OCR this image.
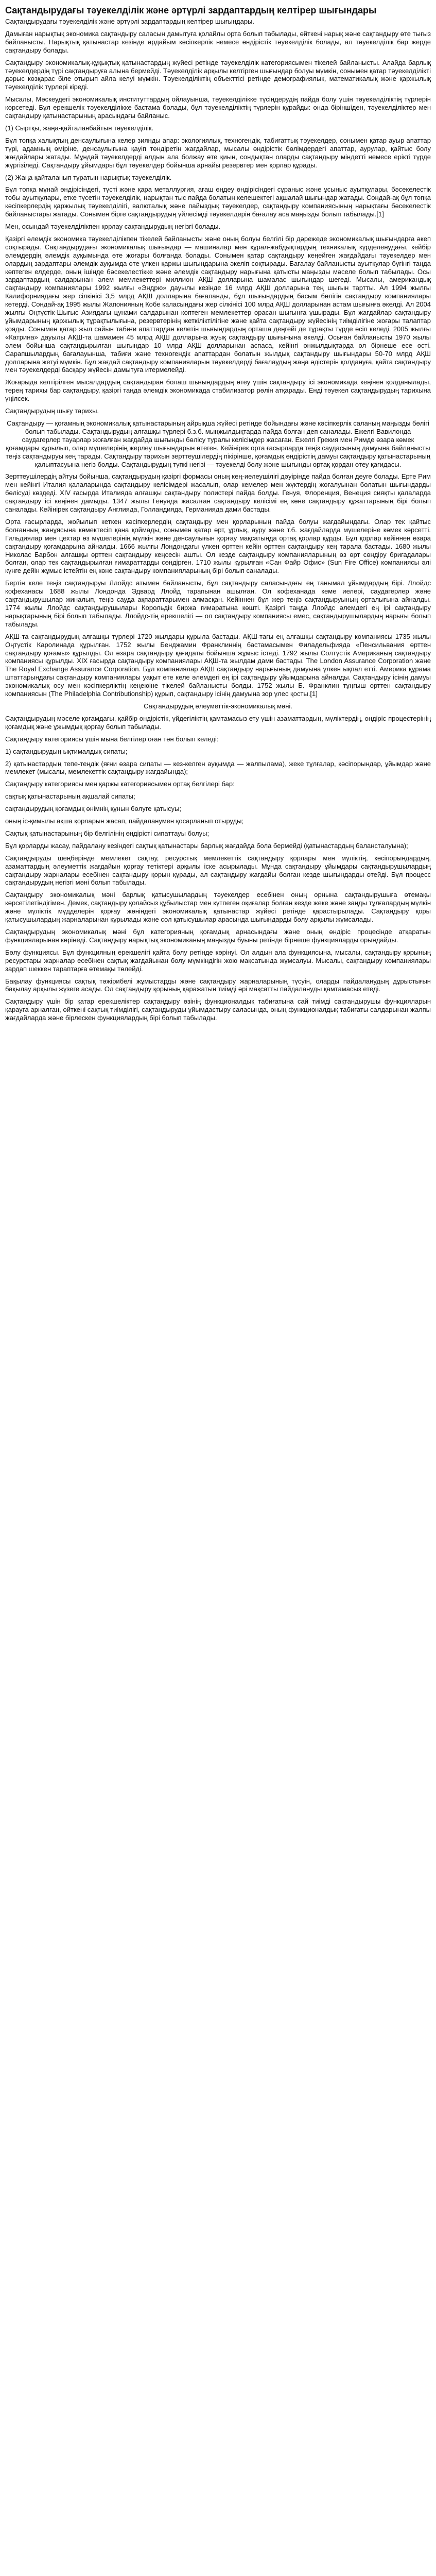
Сақтандырудағы тәуекелділік және әртүрлі зардаптардың келтірер шығындары

Сақтандырудағы тәуекелділік және әртүрлі зардаптардың келтірер шығындары.

Дамыған нарықтық экономика сақтандыру саласын дамытуға қолайлы орта болып табылады, өйткені нарық және сақтандыру өте тығыз байланысты. Нарықтық қатынастар кезінде әрдайым кәсіпкерлік немесе өндірістік тәуекелділік болады, ал тәуекелділік бар жерде сақтандыру болады.

Сақтандыру экономикалық-құқықтық қатынастардың жүйесі ретінде тәуекелділік категориясымен тікелей байланысты. Алайда барлық тәуекелдердің түрі сақтандыруға алына бермейді. Тәуекелділік арқылы келтірген шығындар болуы мүмкін, сонымен қатар тәуекелділікті дәрыс көзқарас біле отырып айла келуі мүмкін. Тәуекелділіктің объекттісі ретінде демографиялық, математикалық және қаржылық тәуекелділік түрлері кіреді.

Мысалы, Мәскеудегі экономикалық институттардың ойлауынша, тәуекелділікке түсіндерудің пайда болу үшін тәуекелділіктің түрлерін көрсетеді. Бұл ерекшелік тәуекелділікке бастама болады, бұл тәуекелділіктің түрлерін құрайды: онда біріншіден, тәуекелділіктер мен сақтандыру қатынастарының арасындағы байланыс.

(1) Сыртқы, жаңа-қайталанбайтын тәуекелділік.

Бұл топқа халықтың денсаулығына келер зиянды апар: экологиялық, техногендік, табиғаттық тәуекелдер, сонымен қатар ауыр апаттар түрі, адамның өміріне, денсаулығына қауіп төндіретін жағдайлар, мысалы өндірістік бөлімдердегі апаттар, аурулар, қайтыс болу жағдайлары жатады. Мұндай тәуекелдерді алдын ала болжау өте қиын, сондықтан оларды сақтандыру міндетті немесе ерікті түрде жүргізіледі. Сақтандыру ұйымдары бұл тәуекелдер бойынша арнайы резервтер мен қорлар құрады.

(2) Жаңа қайталанып тұратын нарықтық тәуекелділік.

Бұл топқа мұнай өндірісіндегі, түсті және қара металлургия, ағаш өңдеу өндірісіндегі сұраныс және ұсыныс ауытқулары, бәсекелестік тобы ауытқулары, етке түсетін тәуекелділік, нарықтан тыс пайда болатын келешектегі ақшалай шығындар жатады. Сондай-ақ бұл топқа кәсіпкерлердің қаржылық тәуекелділігі, валюталық және пайыздық тәуекелдер, сақтандыру компаниясының нарықтағы бәсекелестік байланыстары жатады. Сонымен бірге сақтандырудың үйлесімді тәуекелдерін бағалау аса маңызды болып табылады.[1]

Мен, осындай тәуекелділікпен қорлау сақтандырудың негізгі болады.

Қазіргі әлемдік экономика тәуекелділікпен тікелей байланысты және оның болуы белгілі бір дәрежеде экономикалық шығындарға әкеп соқтырады. Сақтандырудағы экономикалық шығындар — машиналар мен құрал-жабдықтардың техникалық күрделенудағы, кейбір әлемдердің әлемдік ауқымында өте жоғары болғанда болады. Сонымен қатар сақтандыру кеңейген жағдайдағы тәуекелдер мен олардың зардаптары әлемдік ауқымда өте үлкен қаржы шығындарына әкеліп соқтырады. Бағалау байланысты ауытқулар бүгінгі таңда көптеген елдерде, оның ішінде бәсекелестікке және әлемдік сақтандыру нарығына қатысты маңызды мәселе болып табылады. Осы зардаптардың салдарынан әлем мемлекеттері миллион АҚШ долларына шамалас шығындар шегеді. Мысалы, американдық сақтандыру компаниялары 1992 жылғы «Эндрю» дауылы кезінде 16 млрд АҚШ долларына тең шығын тартты. Ал 1994 жылғы Калифорниядағы жер сілкінісі 3,5 млрд АҚШ долларына бағаланды, бұл шығындардың басым бөлігін сақтандыру компаниялары көтерді. Сондай-ақ 1995 жылы Жапонияның Кобе қаласындағы жер сілкінісі 100 млрд АҚШ долларынан астам шығынға әкелді. Ал 2004 жылғы Оңтүстік-Шығыс Азиядағы цунами салдарынан көптеген мемлекеттер орасан шығынға ұшырады. Бұл жағдайлар сақтандыру ұйымдарының қаржылық тұрақтылығына, резервтерінің жеткіліктілігіне және қайта сақтандыру жүйесінің тиімділігіне жоғары талаптар қояды. Сонымен қатар жыл сайын табиғи апаттардан келетін шығындардың орташа деңгейі де тұрақты түрде өсіп келеді. 2005 жылғы «Катрина» дауылы АҚШ-та шамамен 45 млрд АҚШ долларына жуық сақтандыру шығынына әкелді. Осыған байланысты 1970 жылы әлем бойынша сақтандырылған шығындар 10 млрд АҚШ долларынан аспаса, кейінгі онжылдықтарда ол бірнеше есе өсті. Сарапшылардың бағалауынша, табиғи және техногендік апаттардан болатын жылдық сақтандыру шығындары 50-70 млрд АҚШ долларына жетуі мүмкін. Бұл жағдай сақтандыру компанияларын тәуекелдерді бағалаудың жаңа әдістерін қолдануға, қайта сақтандыру мен тәуекелдерді басқару жүйесін дамытуға итермелейді.

Жоғарыда келтірілген мысалдардың сақтандыран болаш шығындардың өтеу үшін сақтандыру ісі экономикада кеңінен қолданылады, терең тарихы бар сақтандыру, қазіргі таңда әлемдік экономикада стабилизатор рөлін атқарады. Енді тәуекел сақтандырудың тарихына үңілсек.

Сақтандырудың шығу тарихы.

Сақтандыру — қоғамның экономикалық қатынастарының айрықша жүйесі ретінде бойындағы және кәсіпкерлік саланың маңызды бөлігі болып табылады. Сақтандырудың алғашқы түрлері б.з.б. мыңжылдықтарда пайда болған деп саналады. Ежелгі Вавилонда саудагерлер тауарлар жоғалған жағдайда шығынды бөлісу туралы келісімдер жасаған. Ежелгі Грекия мен Римде өзара көмек қоғамдары құрылып, олар мүшелерінің жерлеу шығындарын өтеген. Кейінірек орта ғасырларда теңіз саудасының дамуына байланысты теңіз сақтандыруы кең тарады. Сақтандыру тарихын зерттеушілердің пікірінше, қоғамдық өндірістің дамуы сақтандыру қатынастарының қалыптасуына негіз болды. Сақтандырудың түпкі негізі — тәуекелді бөлу және шығынды ортақ қордан өтеу қағидасы.

Зерттеушілердің айтуы бойынша, сақтандырудың қазіргі формасы оның кең-иелеушілігі дәуірінде пайда болған деуге болады. Ерте Рим мен кейінгі Италия қалаларында сақтандыру келісімдері жасалып, олар кемелер мен жүктердің жоғалуынан болатын шығындарды бөлісуді көздеді. XIV ғасырда Италияда алғашқы сақтандыру полистері пайда болды. Генуя, Флоренция, Венеция сияқты қалаларда сақтандыру ісі кеңінен дамыды. 1347 жылы Генуяда жасалған сақтандыру келісімі ең көне сақтандыру құжаттарының бірі болып саналады. Кейінірек сақтандыру Англияда, Голландияда, Германияда дами бастады.

Орта ғасырларда, жойылып кеткен кәсіпкерлердің сақтандыру мен қорларының пайда болуы жағдайындағы. Олар тек қайтыс болғанның жанұясына көмектесіп қана қоймады, сонымен қатар өрт, ұрлық, ауру және т.б. жағдайларда мүшелеріне көмек көрсетті. Гильдиялар мен цехтар өз мүшелерінің мүлкін және денсаулығын қорғау мақсатында ортақ қорлар құрды. Бұл қорлар кейіннен өзара сақтандыру қоғамдарына айналды. 1666 жылғы Лондондағы үлкен өрттен кейін өрттен сақтандыру кең тарала бастады. 1680 жылы Николас Барбон алғашқы өрттен сақтандыру кеңсесін ашты. Ол кезде сақтандыру компанияларының өз өрт сөндіру бригадалары болған, олар тек сақтандырылған ғимараттарды сөндірген. 1710 жылы құрылған «Сан Файр Офис» (Sun Fire Office) компаниясы әлі күнге дейін жұмыс істейтін ең көне сақтандыру компанияларының бірі болып саналады.

Бертін келе теңіз сақтандыруы Ллойдс атымен байланысты, бұл сақтандыру саласындағы ең танымал ұйымдардың бірі. Ллойдс кофеханасы 1688 жылы Лондонда Эдвард Ллойд тарапынан ашылған. Ол кофеханада кеме иелері, саудагерлер және сақтандырушылар жиналып, теңіз сауда ақпараттарымен алмасқан. Кейіннен бұл жер теңіз сақтандыруының орталығына айналды. 1774 жылы Ллойдс сақтандырушылары Корольдік биржа ғимаратына көшті. Қазіргі таңда Ллойдс әлемдегі ең ірі сақтандыру нарықтарының бірі болып табылады. Ллойдс-тің ерекшелігі — ол сақтандыру компаниясы емес, сақтандырушылардың нарығы болып табылады.

АҚШ-та сақтандырудың алғашқы түрлері 1720 жылдары құрыла бастады. АҚШ-тағы ең алғашқы сақтандыру компаниясы 1735 жылы Оңтүстік Каролинада құрылған. 1752 жылы Бенджамин Франклиннің бастамасымен Филадельфияда «Пенсильвания өрттен сақтандыру қоғамы» құрылды. Ол өзара сақтандыру қағидаты бойынша жұмыс істеді. 1792 жылы Солтүстік Американың сақтандыру компаниясы құрылды. XIX ғасырда сақтандыру компаниялары АҚШ-та жылдам дами бастады. The London Assurance Corporation және The Royal Exchange Assurance Corporation. Бұл компаниялар АҚШ сақтандыру нарығының дамуына үлкен ықпал етті. Америка құрама штаттарындағы сақтандыру компаниялары уақыт өте келе әлемдегі ең ірі сақтандыру ұйымдарына айналды. Сақтандыру ісінің дамуы экономикалық өсу мен кәсіпкерліктің кеңеюіне тікелей байланысты болды. 1752 жылы Б. Франклин тұңғыш өрттен сақтандыру компаниясын (The Philadelphia Contributionship) құрып, сақтандыру ісінің дамуына зор үлес қосты.[1]

Сақтандырудың әлеуметтік-экономикалық мәні.

Сақтандырудың мәселе қоғамдағы, қайбір өндірістік, үйдегіліктің қамтамасыз ету үшін азаматтардың, мүліктердің, өндіріс процестерінің қоғамдық және ұжымдық қорғау болып табылады.

Сақтандыру категориясы үшін мына белгілер оған тән болып келеді:

1) сақтандырудың ықтималдық сипаты;

2) қатынастардың тепе-теңдік (яғни өзара сипаты — кез-келген ауқымда — жалпылама), жеке тұлғалар, кәсіпорындар, ұйымдар және мемлекет (мысалы, мемлекеттік сақтандыру жағдайында);

Сақтандыру категориясы мен қаржы категориясымен ортақ белгілері бар:

сақтық қатынастарының ақшалай сипаты;

сақтандырудың қоғамдық өнімнің құнын бөлуге қатысуы;

оның іс-қимылы ақша қорларын жасап, пайдаланумен қосарланып отыруды;

Сақтық қатынастарының бір белгілінің өндірісті сипаттауы болуы;

Бұл қорларды жасау, пайдалану кезіндегі сақтық қатынастары барлық жағдайда бола бермейді (қатынастардың балансталуына);

Сақтандыруды шеңберінде мемлекет сақтау, ресурстық мемлекеттік сақтандыру қорлары мен мүліктің, кәсіпорындардың, азаматтардың әлеуметтік жағдайын қорғау тетіктері арқылы іске асырылады. Мұнда сақтандыру ұйымдары сақтандырушылардың сақтандыру жарналары есебінен сақтандыру қорын құрады, ал сақтандыру жағдайы болған кезде шығындарды өтейді. Бұл процесс сақтандырудың негізгі мәні болып табылады.

Сақтандыру экономикалық мәні барлық қатысушылардың тәуекелдер есебінен оның орнына сақтандырушыға өтемақы көрсетілетіндігімен. Демек, сақтандыру қолайсыз құбылыстар мен күтпеген оқиғалар болған кезде жеке және заңды тұлғалардың мүлкін және мүліктік мүдделерін қорғау жөніндегі экономикалық қатынастар жүйесі ретінде қарастырылады. Сақтандыру қоры қатысушылардың жарналарынан құрылады және сол қатысушылар арасында шығындарды бөлу арқылы жұмсалады.

Сақтандырудың экономикалық мәні бұл категорияның қоғамдық арнасындағы және оның өндіріс процесінде атқаратын функцияларынан көрінеді. Сақтандыру нарықтық экономиканың маңызды буыны ретінде бірнеше функцияларды орындайды.

Бөлу функциясы. Бұл функцияның ерекшелігі қайта бөлу ретінде көрінуі. Ол алдын ала функциясына, мысалы, сақтандыру қорының ресурстары жарналар есебінен сақтық жағдайынан болу мүмкіндігін жою мақсатында жұмсалуы. Мысалы, сақтандыру компаниялары зардап шеккен тараптарға өтемақы төлейді.

Бақылау функциясы сақтық тәжірибелі жұмыстарды және сақтандыру жарналарының түсуін, оларды пайдаланудың дұрыстығын бақылау арқылы жүзеге асады. Ол сақтандыру қорының қаражатын тиімді әрі мақсатты пайдалануды қамтамасыз етеді.

Сақтандыру үшін бір қатар ерекшеліктер сақтандыру өзінің функционалдық табиғатына сай тиімді сақтандырушы функцияларын қарауға арналған, өйткені сақтық тиімділігі, сақтандыруды ұйымдастыру саласында, оның функционалдық табиғаты салдарынан жалпы жағдайларда және бірлескен функциялардың бірі болып табылады.
